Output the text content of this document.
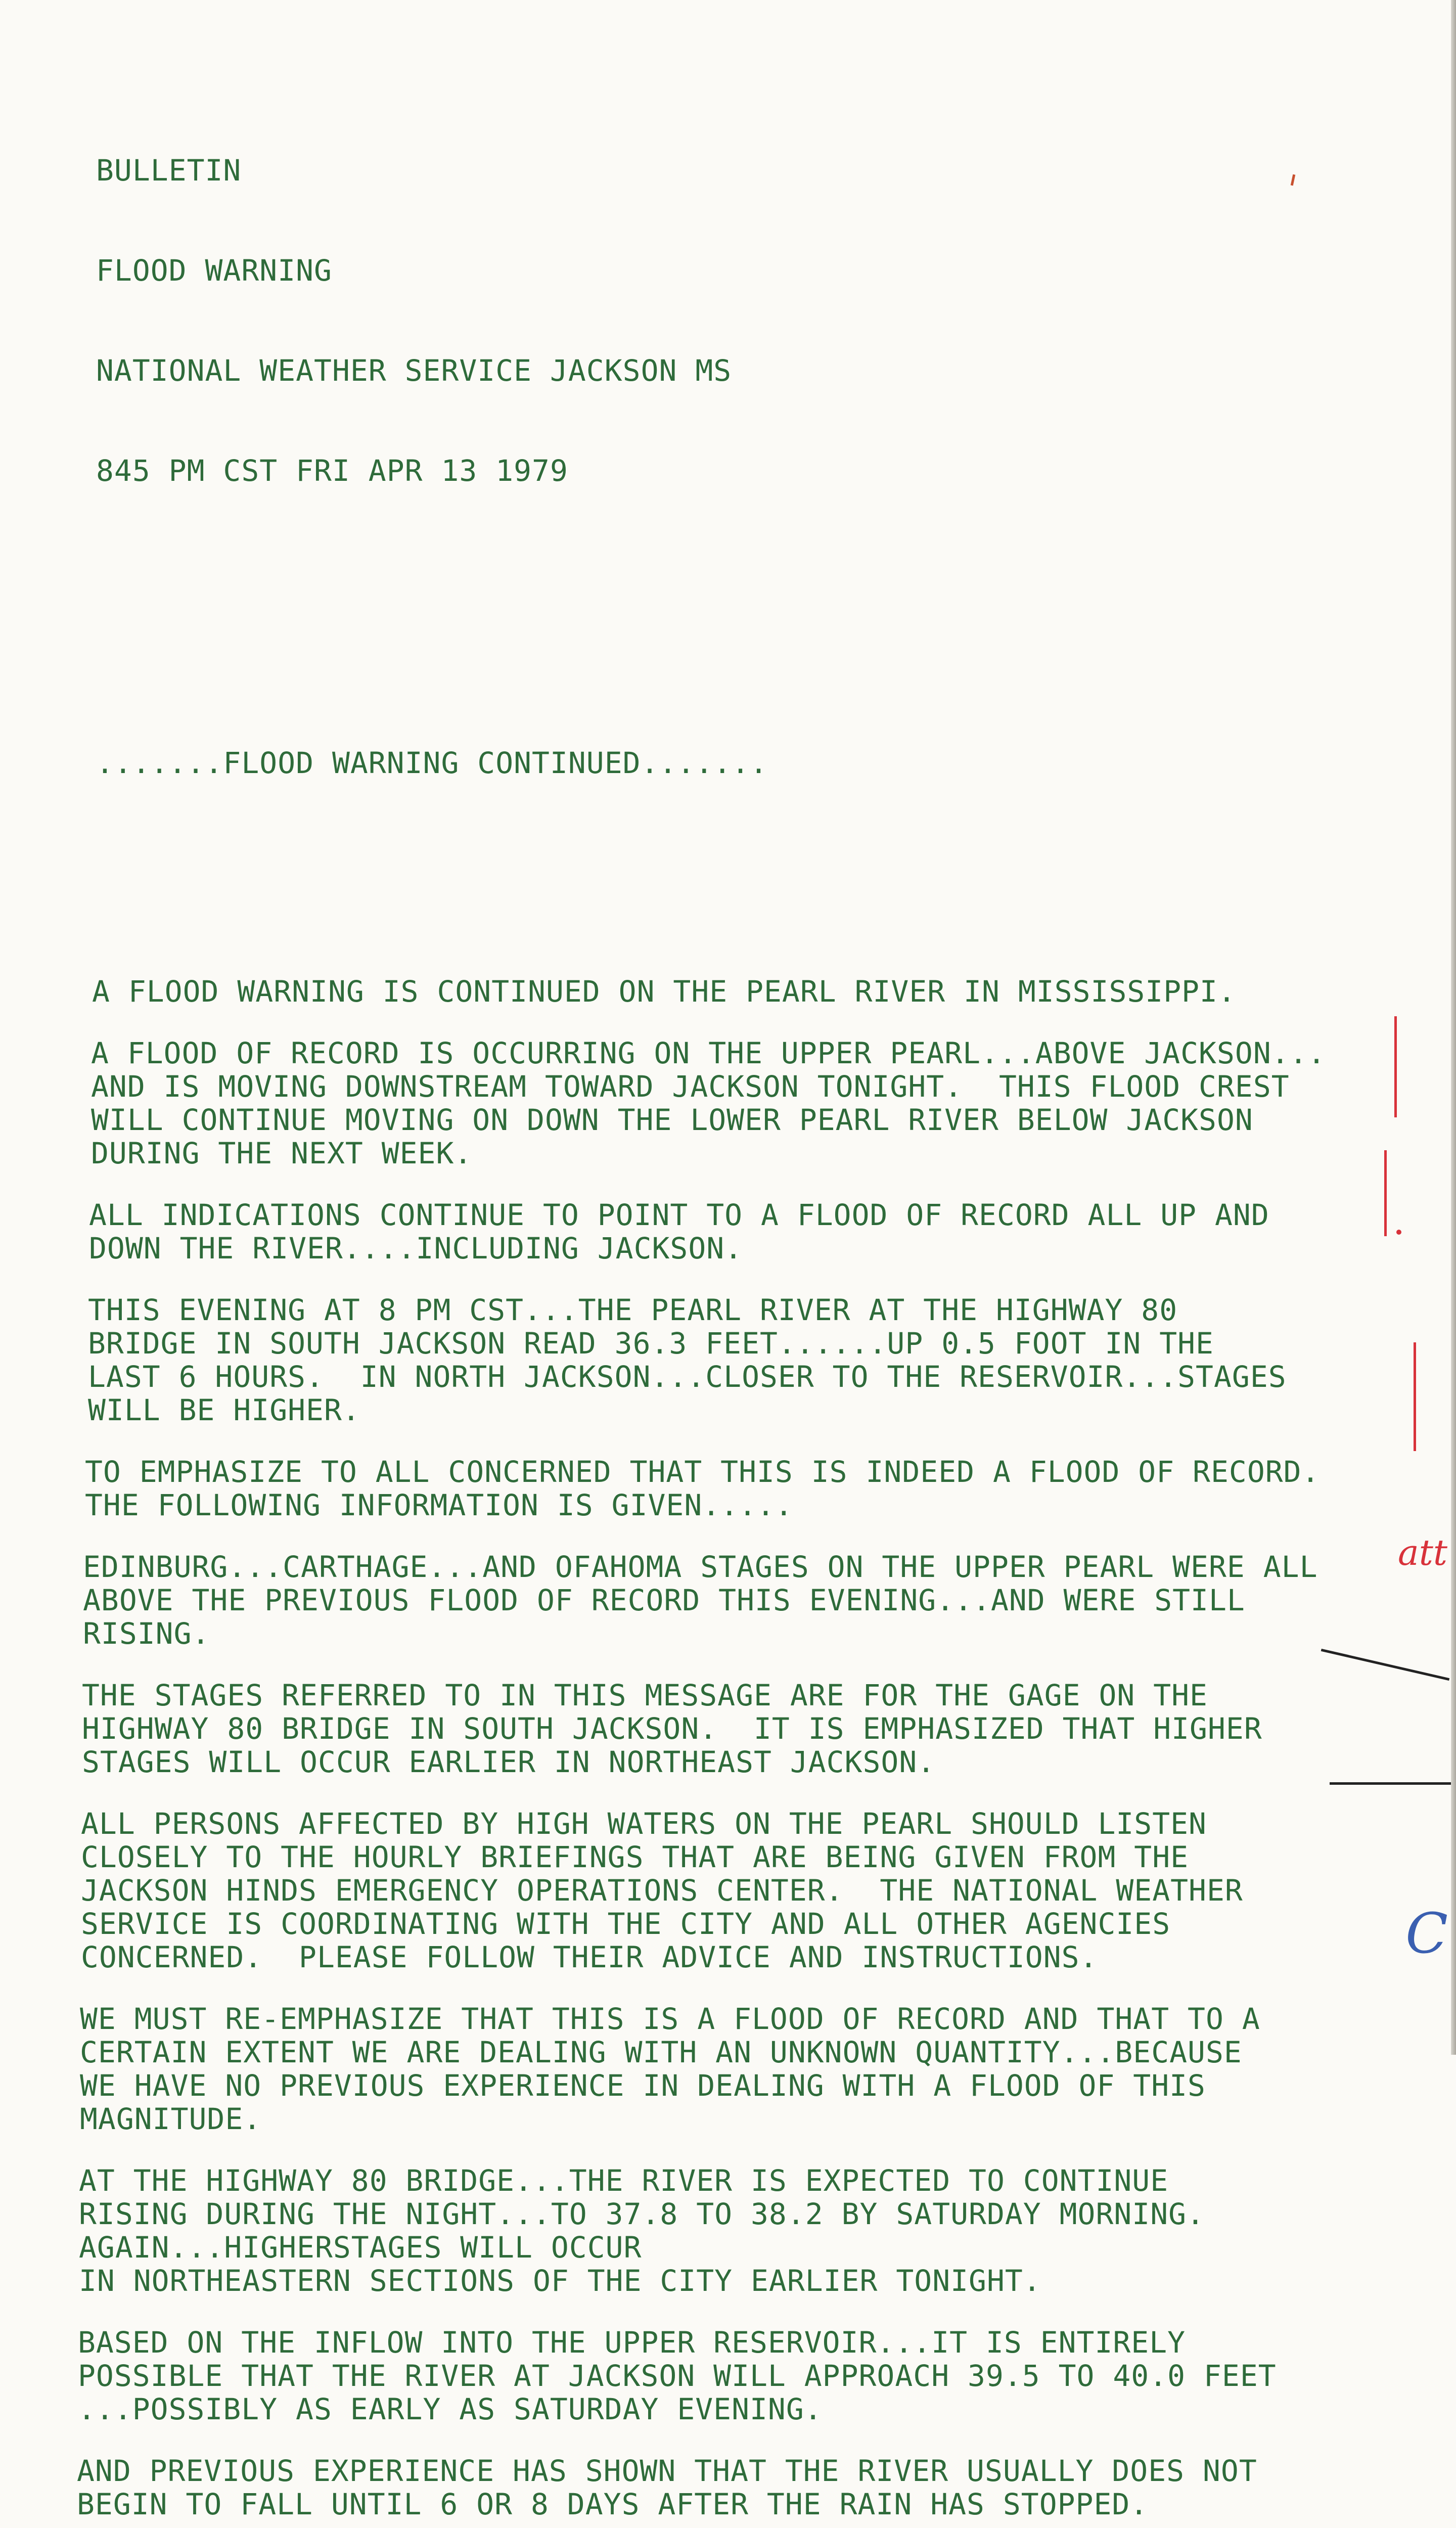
BULLETIN

FLOOD WARNING

NATIONAL WEATHER SERVICE JACKSON MS

845 PM CST FRI APR 13 1979

.......FLOOD WARNING CONTINUED.......

A FLOOD WARNING IS CONTINUED ON THE PEARL RIVER IN MISSISSIPPI.
A FLOOD OF RECORD IS OCCURRING ON THE UPPER PEARL...ABOVE JACKSON...
AND IS MOVING DOWNSTREAM TOWARD JACKSON TONIGHT.  THIS FLOOD CREST
WILL CONTINUE MOVING ON DOWN THE LOWER PEARL RIVER BELOW JACKSON
DURING THE NEXT WEEK.
ALL INDICATIONS CONTINUE TO POINT TO A FLOOD OF RECORD ALL UP AND
DOWN THE RIVER....INCLUDING JACKSON.
THIS EVENING AT 8 PM CST...THE PEARL RIVER AT THE HIGHWAY 80
BRIDGE IN SOUTH JACKSON READ 36.3 FEET......UP 0.5 FOOT IN THE
LAST 6 HOURS.  IN NORTH JACKSON...CLOSER TO THE RESERVOIR...STAGES
WILL BE HIGHER.
TO EMPHASIZE TO ALL CONCERNED THAT THIS IS INDEED A FLOOD OF RECORD.
THE FOLLOWING INFORMATION IS GIVEN.....
EDINBURG...CARTHAGE...AND OFAHOMA STAGES ON THE UPPER PEARL WERE ALL
ABOVE THE PREVIOUS FLOOD OF RECORD THIS EVENING...AND WERE STILL
RISING.
THE STAGES REFERRED TO IN THIS MESSAGE ARE FOR THE GAGE ON THE
HIGHWAY 80 BRIDGE IN SOUTH JACKSON.  IT IS EMPHASIZED THAT HIGHER
STAGES WILL OCCUR EARLIER IN NORTHEAST JACKSON.
ALL PERSONS AFFECTED BY HIGH WATERS ON THE PEARL SHOULD LISTEN
CLOSELY TO THE HOURLY BRIEFINGS THAT ARE BEING GIVEN FROM THE
JACKSON HINDS EMERGENCY OPERATIONS CENTER.  THE NATIONAL WEATHER
SERVICE IS COORDINATING WITH THE CITY AND ALL OTHER AGENCIES
CONCERNED.  PLEASE FOLLOW THEIR ADVICE AND INSTRUCTIONS.
WE MUST RE-EMPHASIZE THAT THIS IS A FLOOD OF RECORD AND THAT TO A
CERTAIN EXTENT WE ARE DEALING WITH AN UNKNOWN QUANTITY...BECAUSE
WE HAVE NO PREVIOUS EXPERIENCE IN DEALING WITH A FLOOD OF THIS
MAGNITUDE.
AT THE HIGHWAY 80 BRIDGE...THE RIVER IS EXPECTED TO CONTINUE
RISING DURING THE NIGHT...TO 37.8 TO 38.2 BY SATURDAY MORNING.
AGAIN...HIGHERSTAGES WILL OCCUR
IN NORTHEASTERN SECTIONS OF THE CITY EARLIER TONIGHT.
BASED ON THE INFLOW INTO THE UPPER RESERVOIR...IT IS ENTIRELY
POSSIBLE THAT THE RIVER AT JACKSON WILL APPROACH 39.5 TO 40.0 FEET
...POSSIBLY AS EARLY AS SATURDAY EVENING.
AND PREVIOUS EXPERIENCE HAS SHOWN THAT THE RIVER USUALLY DOES NOT
BEGIN TO FALL UNTIL 6 OR 8 DAYS AFTER THE RAIN HAS STOPPED.

att
C
